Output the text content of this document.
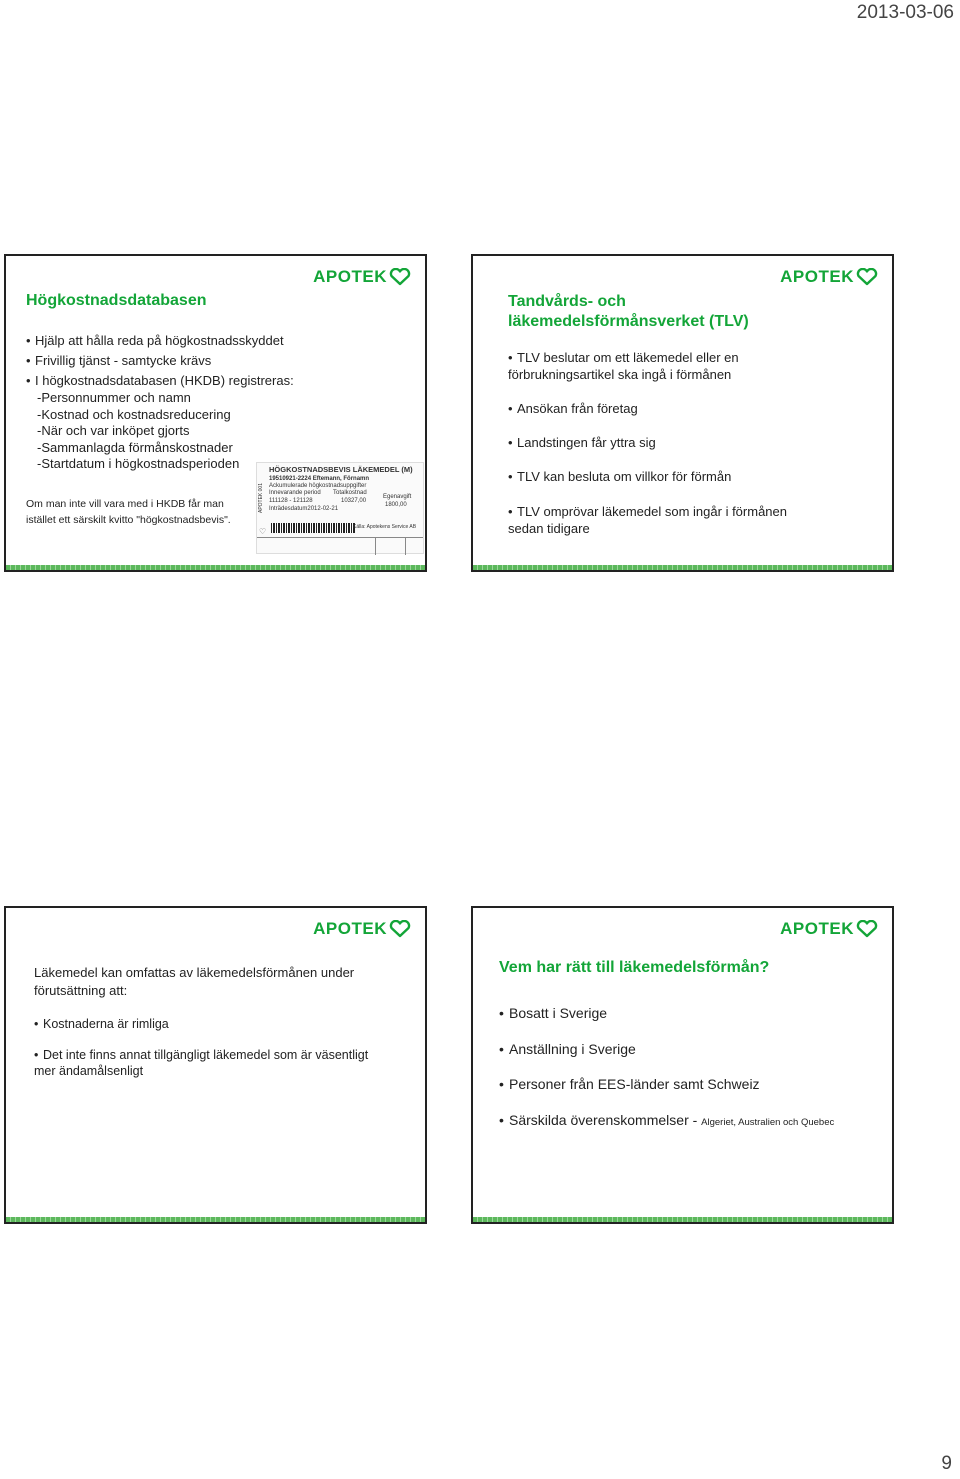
2013-03-06
APOTEK
Högkostnadsdatabasen
• Hjälp att hålla reda på högkostnadsskyddet
• Frivillig tjänst - samtycke krävs
• I högkostnadsdatabasen (HKDB) registreras:
-Personnummer och namn
-Kostnad och kostnadsreducering
-När och var inköpet gjorts
-Sammanlagda förmånskostnader
-Startdatum i högkostnadsperioden
Om man inte vill vara med i HKDB får man
istället ett särskilt kvitto "högkostnadsbevis".
APOTEK 001
HÖGKOSTNADSBEVIS LÄKEMEDEL (M)
19510921-2224 Eftemann, Förnamn
Ackumulerade högkostnadsuppgifter
Innevarande period Totalkostnad
Egenavgift
111128 - 121128	10327,00
1800,00
Inträdesdatum2012-02-21
Källa: Apotekens Service AB
♡
APOTEK
Tandvårds- och
läkemedelsförmånsverket (TLV)
• TLV beslutar om ett läkemedel eller en
förbrukningsartikel ska ingå i förmånen
• Ansökan från företag
• Landstingen får yttra sig
• TLV kan besluta om villkor för förmån
• TLV omprövar läkemedel som ingår i förmånen
sedan tidigare
APOTEK
Läkemedel kan omfattas av läkemedelsförmånen under
förutsättning att:
• Kostnaderna är rimliga
• Det inte finns annat tillgängligt läkemedel som är väsentligt
mer ändamålsenligt
APOTEK
Vem har rätt till läkemedelsförmån?
• Bosatt i Sverige
• Anställning i Sverige
• Personer från EES-länder samt Schweiz
• Särskilda överenskommelser - Algeriet, Australien och Quebec
9
